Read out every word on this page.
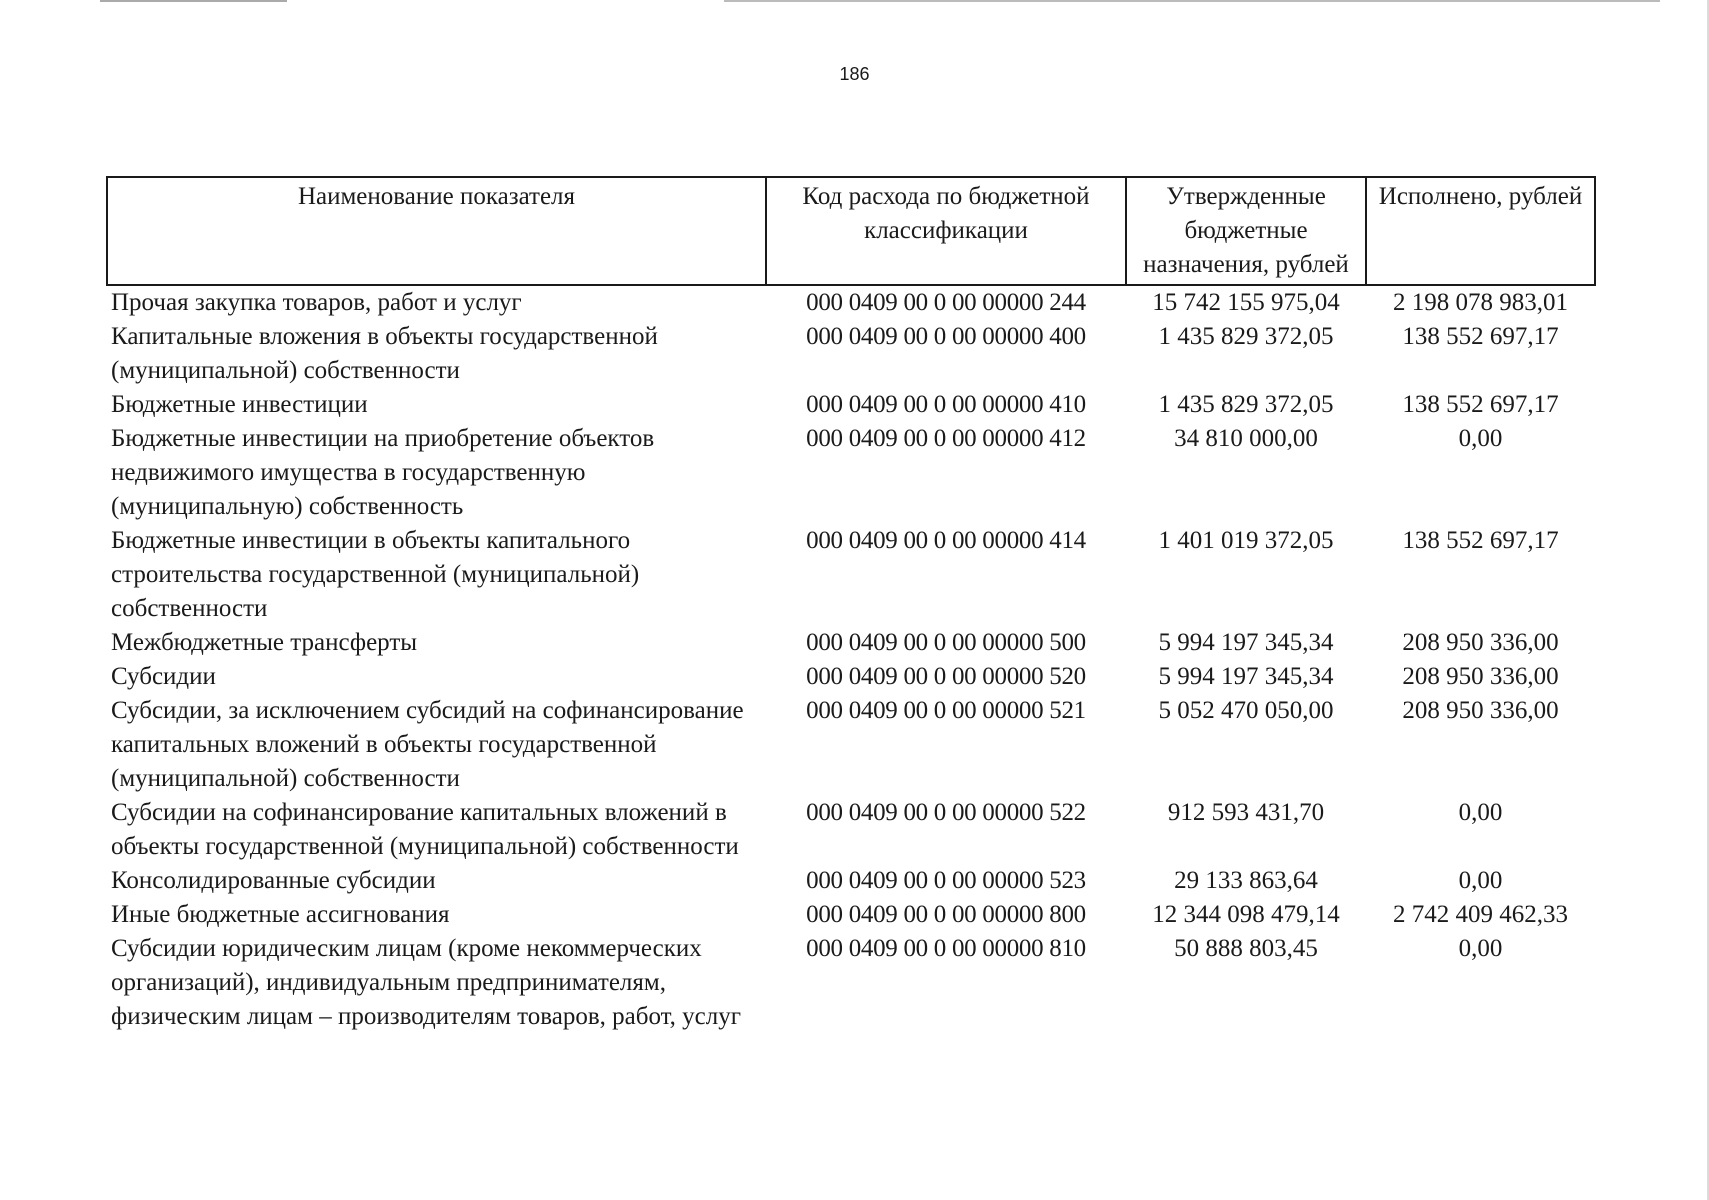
186
Наименование показателя	Код расхода по бюджетной классификации	Утвержденные бюджетные назначения, рублей	Исполнено, рублей
Прочая закупка товаров, работ и услуг	000 0409 00 0 00 00000 244	15 742 155 975,04	2 198 078 983,01
Капитальные вложения в объекты государственной (муниципальной) собственности	000 0409 00 0 00 00000 400	1 435 829 372,05	138 552 697,17
Бюджетные инвестиции	000 0409 00 0 00 00000 410	1 435 829 372,05	138 552 697,17
Бюджетные инвестиции на приобретение объектов недвижимого имущества в государственную (муниципальную) собственность	000 0409 00 0 00 00000 412	34 810 000,00	0,00
Бюджетные инвестиции в объекты капитального строительства государственной (муниципальной) собственности	000 0409 00 0 00 00000 414	1 401 019 372,05	138 552 697,17
Межбюджетные трансферты	000 0409 00 0 00 00000 500	5 994 197 345,34	208 950 336,00
Субсидии	000 0409 00 0 00 00000 520	5 994 197 345,34	208 950 336,00
Субсидии, за исключением субсидий на софинансирование капитальных вложений в объекты государственной (муниципальной) собственности	000 0409 00 0 00 00000 521	5 052 470 050,00	208 950 336,00
Субсидии на софинансирование капитальных вложений в объекты государственной (муниципальной) собственности	000 0409 00 0 00 00000 522	912 593 431,70	0,00
Консолидированные субсидии	000 0409 00 0 00 00000 523	29 133 863,64	0,00
Иные бюджетные ассигнования	000 0409 00 0 00 00000 800	12 344 098 479,14	2 742 409 462,33
Субсидии юридическим лицам (кроме некоммерческих организаций), индивидуальным предпринимателям, физическим лицам – производителям товаров, работ, услуг	000 0409 00 0 00 00000 810	50 888 803,45	0,00
